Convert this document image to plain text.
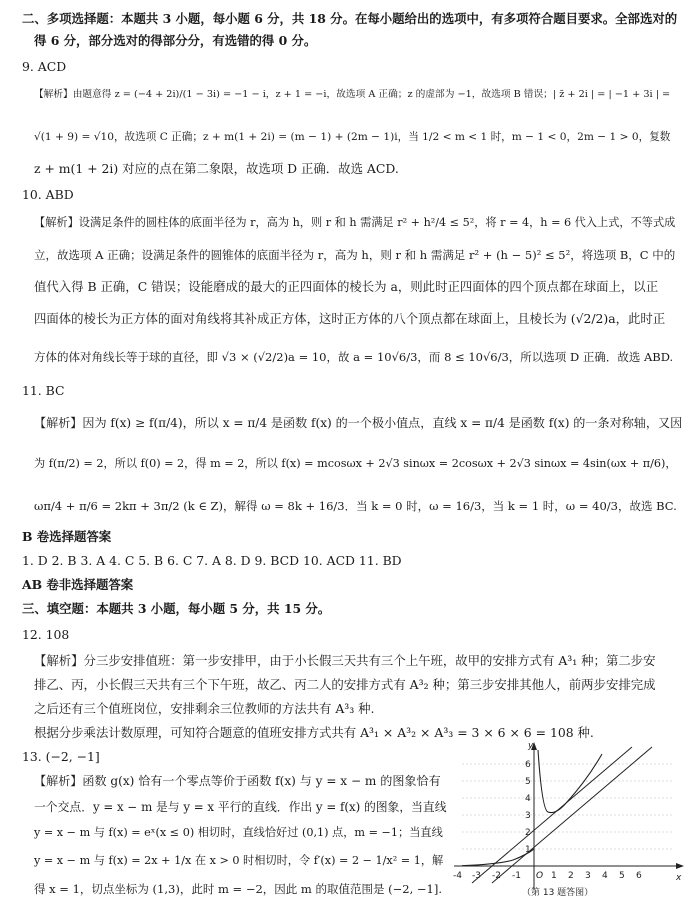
二、多项选择题：本题共 3 小题，每小题 6 分，共 18 分。在每小题给出的选项中，有多项符合题目要求。全部选对的
得 6 分，部分选对的得部分分，有选错的得 0 分。
9. ACD
【解析】由题意得 z = (−4 + 2i)/(1 − 3i) = −1 − i，z + 1 = −i，故选项 A 正确；z 的虚部为 −1，故选项 B 错误；| z̄ + 2i | = | −1 + 3i | =
√(1 + 9) = √10，故选项 C 正确；z + m(1 + 2i) = (m − 1) + (2m − 1)i，当 1/2 < m < 1 时，m − 1 < 0，2m − 1 > 0，复数
z + m(1 + 2i) 对应的点在第二象限，故选项 D 正确．故选 ACD.
10. ABD
【解析】设满足条件的圆柱体的底面半径为 r，高为 h，则 r 和 h 需满足 r² + h²/4 ≤ 5²，将 r = 4，h = 6 代入上式，不等式成
立，故选项 A 正确；设满足条件的圆锥体的底面半径为 r，高为 h，则 r 和 h 需满足 r² + (h − 5)² ≤ 5²，将选项 B，C 中的
值代入得 B 正确，C 错误；设能磨成的最大的正四面体的棱长为 a，则此时正四面体的四个顶点都在球面上，以正
四面体的棱长为正方体的面对角线将其补成正方体，这时正方体的八个顶点都在球面上，且棱长为 (√2/2)a，此时正
方体的体对角线长等于球的直径，即 √3 × (√2/2)a = 10，故 a = 10√6/3，而 8 ≤ 10√6/3，所以选项 D 正确．故选 ABD.
11. BC
【解析】因为 f(x) ≥ f(π/4)，所以 x = π/4 是函数 f(x) 的一个极小值点，直线 x = π/4 是函数 f(x) 的一条对称轴，又因
为 f(π/2) = 2，所以 f(0) = 2，得 m = 2，所以 f(x) = mcosωx + 2√3 sinωx = 2cosωx + 2√3 sinωx = 4sin(ωx + π/6)，
ωπ/4 + π/6 = 2kπ + 3π/2 (k ∈ Z)，解得 ω = 8k + 16/3．当 k = 0 时，ω = 16/3，当 k = 1 时，ω = 40/3，故选 BC.
B 卷选择题答案
1. D 2. B 3. A 4. C 5. B 6. C 7. A 8. D 9. BCD 10. ACD 11. BD
AB 卷非选择题答案
三、填空题：本题共 3 小题，每小题 5 分，共 15 分。
12. 108
【解析】分三步安排值班：第一步安排甲，由于小长假三天共有三个上午班，故甲的安排方式有 A³₁ 种；第二步安
排乙、丙，小长假三天共有三个下午班，故乙、丙二人的安排方式有 A³₂ 种；第三步安排其他人，前两步安排完成
之后还有三个值班岗位，安排剩余三位教师的方法共有 A³₃ 种.
根据分步乘法计数原理，可知符合题意的值班安排方式共有 A³₁ × A³₂ × A³₃ = 3 × 6 × 6 = 108 种.
13. (−2, −1]
【解析】函数 g(x) 恰有一个零点等价于函数 f(x) 与 y = x − m 的图象恰有
一个交点．y = x − m 是与 y = x 平行的直线．作出 y = f(x) 的图象，当直线
y = x − m 与 f(x) = eˣ(x ≤ 0) 相切时，直线恰好过 (0,1) 点，m = −1；当直线
y = x − m 与 f(x) = 2x + 1/x 在 x > 0 时相切时，令 f′(x) = 2 − 1/x² = 1，解
得 x = 1，切点坐标为 (1,3)，此时 m = −2，因此 m 的取值范围是 (−2, −1].
y
x
-4 -3 -2 -1 O 1 2 3 4 5 6
6
5
4
3
2
1
（第 13 题答图）
